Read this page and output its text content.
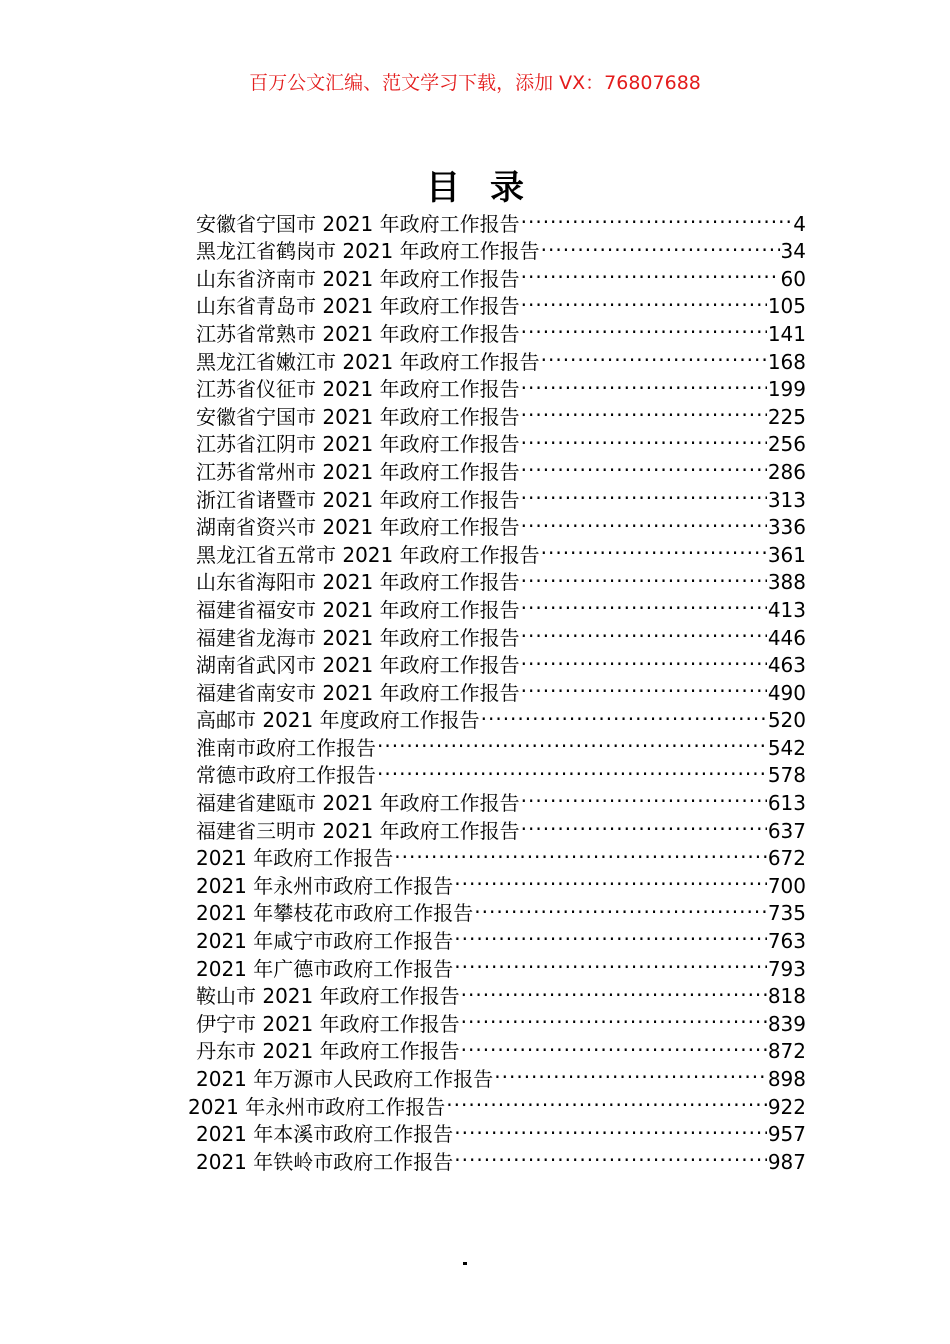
百万公文汇编、范文学习下载，添加 VX：76807688
目录
安徽省宁国市 2021 年政府工作报告 .....	4
黑龙江省鹤岗市 2021 年政府工作报告 .....	34
山东省济南市 2021 年政府工作报告 .....	60
山东省青岛市 2021 年政府工作报告 .....	105
江苏省常熟市 2021 年政府工作报告 .....	141
黑龙江省嫩江市 2021 年政府工作报告 .....	168
江苏省仪征市 2021 年政府工作报告 .....	199
安徽省宁国市 2021 年政府工作报告 .....	225
江苏省江阴市 2021 年政府工作报告 .....	256
江苏省常州市 2021 年政府工作报告 .....	286
浙江省诸暨市 2021 年政府工作报告 .....	313
湖南省资兴市 2021 年政府工作报告 .....	336
黑龙江省五常市 2021 年政府工作报告 .....	361
山东省海阳市 2021 年政府工作报告 .....	388
福建省福安市 2021 年政府工作报告 .....	413
福建省龙海市 2021 年政府工作报告 .....	446
湖南省武冈市 2021 年政府工作报告 .....	463
福建省南安市 2021 年政府工作报告 .....	490
高邮市 2021 年度政府工作报告 .....	520
淮南市政府工作报告 .....	542
常德市政府工作报告 .....	578
福建省建瓯市 2021 年政府工作报告 .....	613
福建省三明市 2021 年政府工作报告 .....	637
2021 年政府工作报告 .....	672
2021 年永州市政府工作报告 .....	700
2021 年攀枝花市政府工作报告 .....	735
2021 年咸宁市政府工作报告 .....	763
2021 年广德市政府工作报告 .....	793
鞍山市 2021 年政府工作报告 .....	818
伊宁市 2021 年政府工作报告 .....	839
丹东市 2021 年政府工作报告 .....	872
2021 年万源市人民政府工作报告 .....	898
2021 年永州市政府工作报告 .....	922
2021 年本溪市政府工作报告 .....	957
2021 年铁岭市政府工作报告 .....	987
